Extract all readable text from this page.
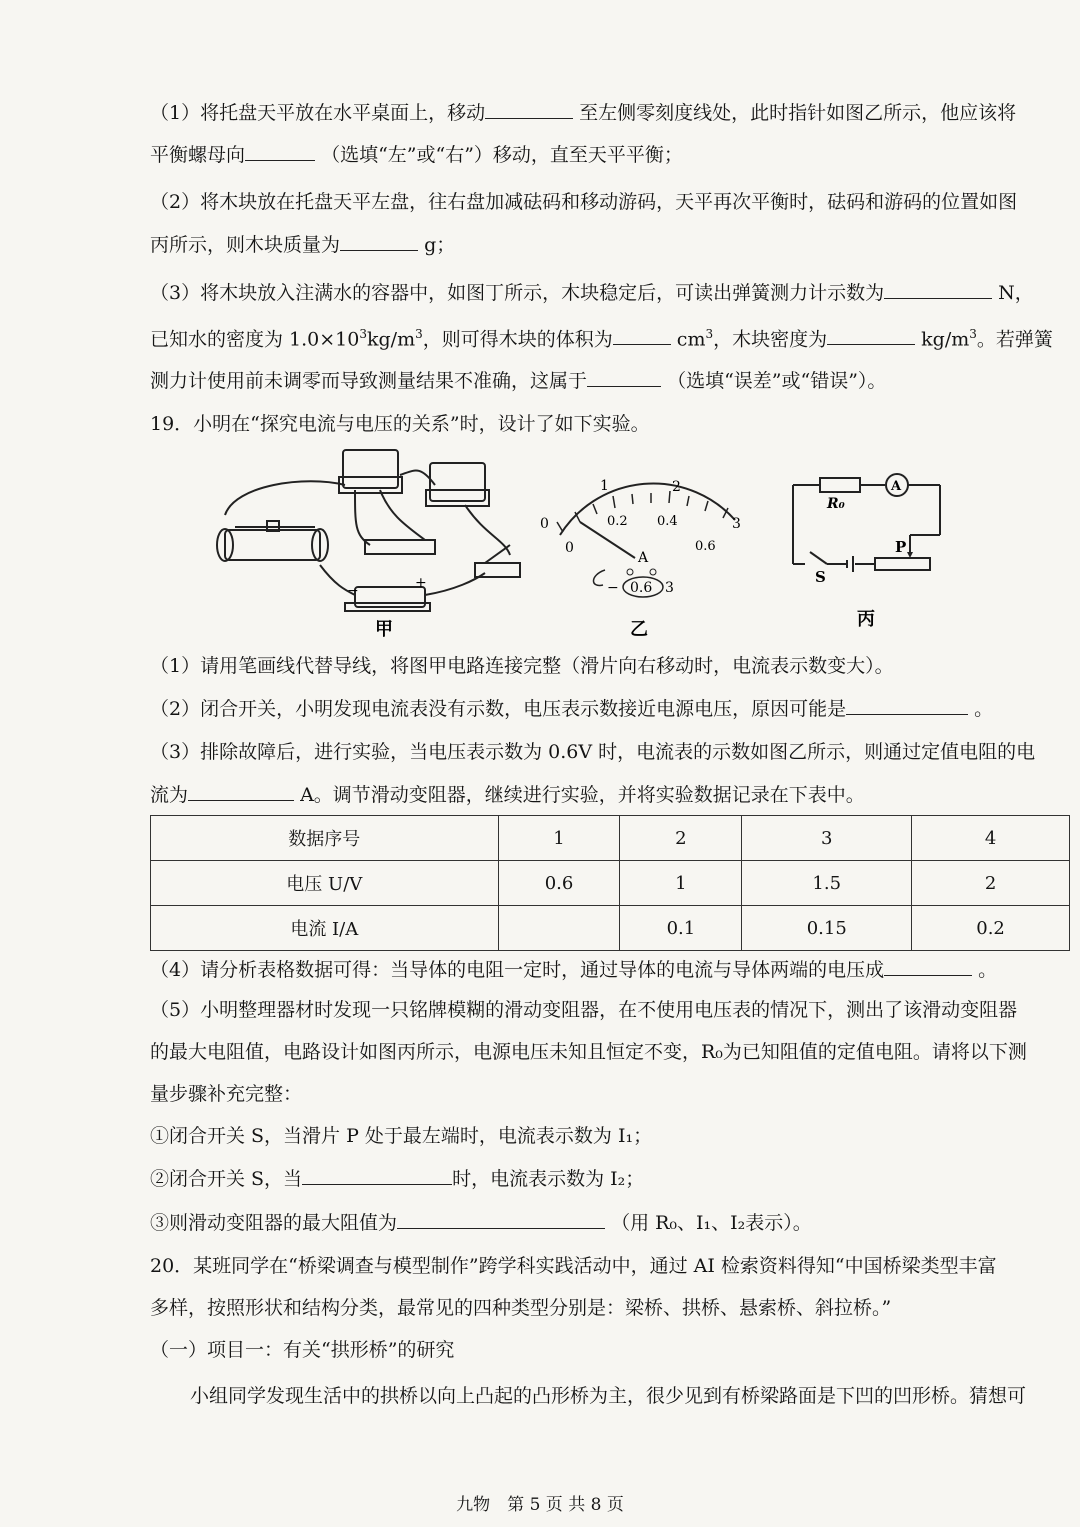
（1）将托盘天平放在水平桌面上，移动	至左侧零刻度线处，此时指针如图乙所示，他应该将
平衡螺母向	（选填“左”或“右”）移动，直至天平平衡；
（2）将木块放在托盘天平左盘，往右盘加减砝码和移动游码，天平再次平衡时，砝码和游码的位置如图
丙所示，则木块质量为	g；
（3）将木块放入注满水的容器中，如图丁所示，木块稳定后，可读出弹簧测力计示数为	N，
已知水的密度为 $1.0\times 10^3kg/m^3$，则可得木块的体积为	$cm^3$，木块密度为	$kg/m^3$。若弹簧
测力计使用前未调零而导致测量结果不准确，这属于	（选填“误差”或“错误”）。
19．小明在“探究电流与电压的关系”时，设计了如下实验。
−	+
甲
0
1	2
3
0
0.2 0.4
0.6
A
− 0.6 3
乙
R₀
A
P
S
丙
（1）请用笔画线代替导线，将图甲电路连接完整（滑片向右移动时，电流表示数变大）。
（2）闭合开关，小明发现电流表没有示数，电压表示数接近电源电压，原因可能是	。
（3）排除故障后，进行实验，当电压表示数为 0.6V 时，电流表的示数如图乙所示，则通过定值电阻的电
流为	A。调节滑动变阻器，继续进行实验，并将实验数据记录在下表中。
数据序号	1	2	3	4
电压 U/V	0.6	1	1.5	2
电流 I/A		0.1	0.15	0.2
（4）请分析表格数据可得：当导体的电阻一定时，通过导体的电流与导体两端的电压成	。
（5）小明整理器材时发现一只铭牌模糊的滑动变阻器，在不使用电压表的情况下，测出了该滑动变阻器
的最大电阻值，电路设计如图丙所示，电源电压未知且恒定不变，R₀为已知阻值的定值电阻。请将以下测
量步骤补充完整：
①闭合开关 S，当滑片 P 处于最左端时，电流表示数为 I₁；
②闭合开关 S，当	时，电流表示数为 I₂；
③则滑动变阻器的最大阻值为	（用 R₀、I₁、I₂表示）。
20．某班同学在“桥梁调查与模型制作”跨学科实践活动中，通过 AI 检索资料得知“中国桥梁类型丰富
多样，按照形状和结构分类，最常见的四种类型分别是：梁桥、拱桥、悬索桥、斜拉桥。”
（一）项目一：有关“拱形桥”的研究
小组同学发现生活中的拱桥以向上凸起的凸形桥为主，很少见到有桥梁路面是下凹的凹形桥。猜想可
九物　第 5 页 共 8 页
